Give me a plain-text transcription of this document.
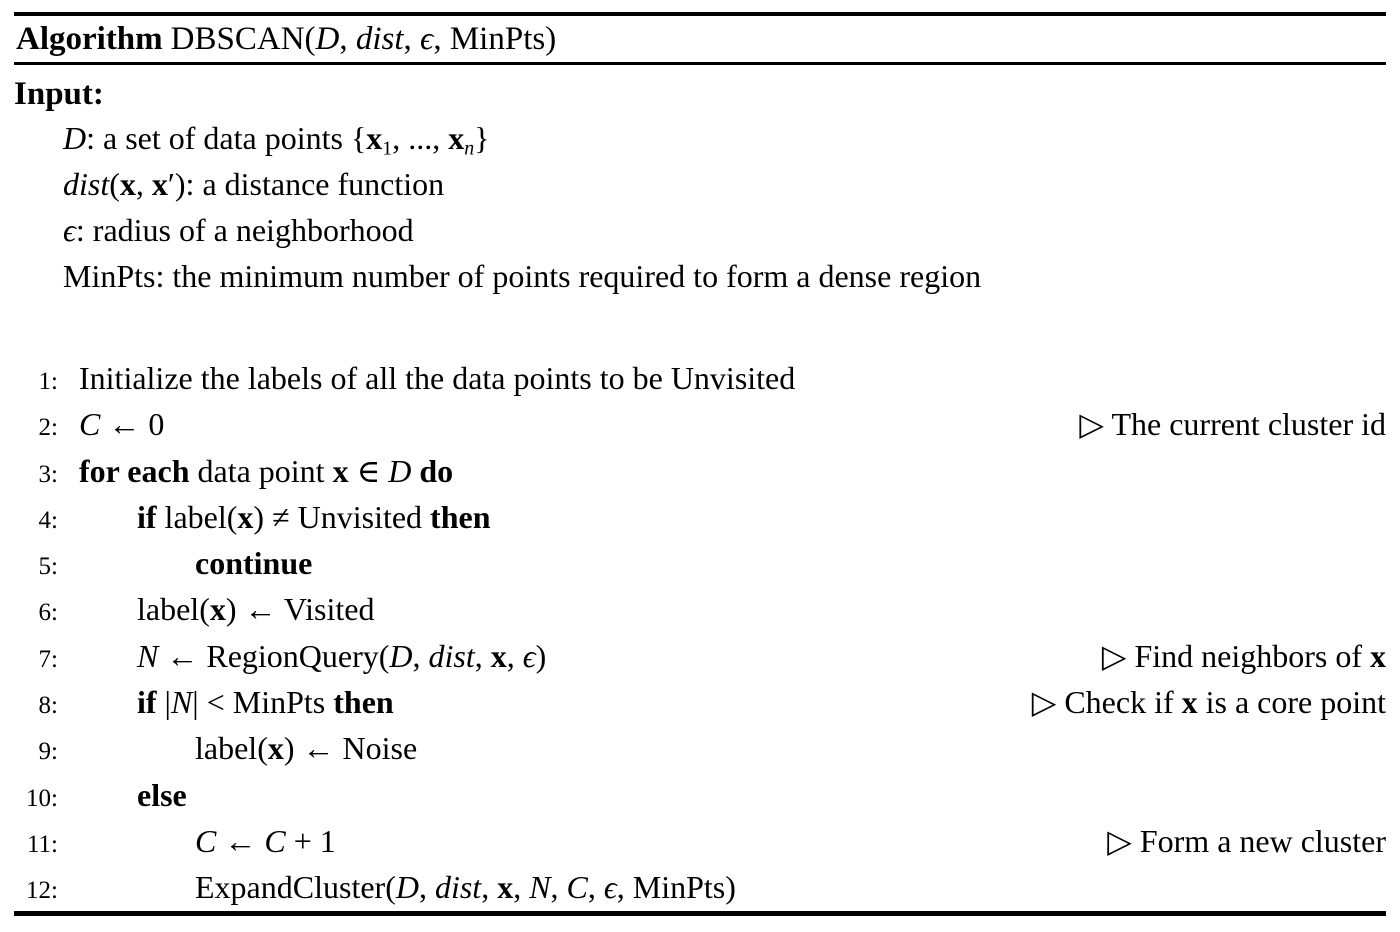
Algorithm DBSCAN(D, dist, ϵ, MinPts)
Input:
D: a set of data points {$x_1$, ..., xn}
dist(x, x′): a distance function
ϵ: radius of a neighborhood
MinPts: the minimum number of points required to form a dense region
1: Initialize the labels of all the data points to be Unvisited
2: C ← 0	▷ The current cluster id
3: for each data point x ∈ D do
4: if label(x) ≠ Unvisited then
5:	continue
6: label(x) ← Visited
7: N ← RegionQuery(D, dist, x, ϵ)	▷ Find neighbors of x
8: if |N| < MinPts then	▷ Check if x is a core point
9:	label(x) ← Noise
10: else
11:	C ← C + 1	▷ Form a new cluster
12:	ExpandCluster(D, dist, x, N, C, ϵ, MinPts)
